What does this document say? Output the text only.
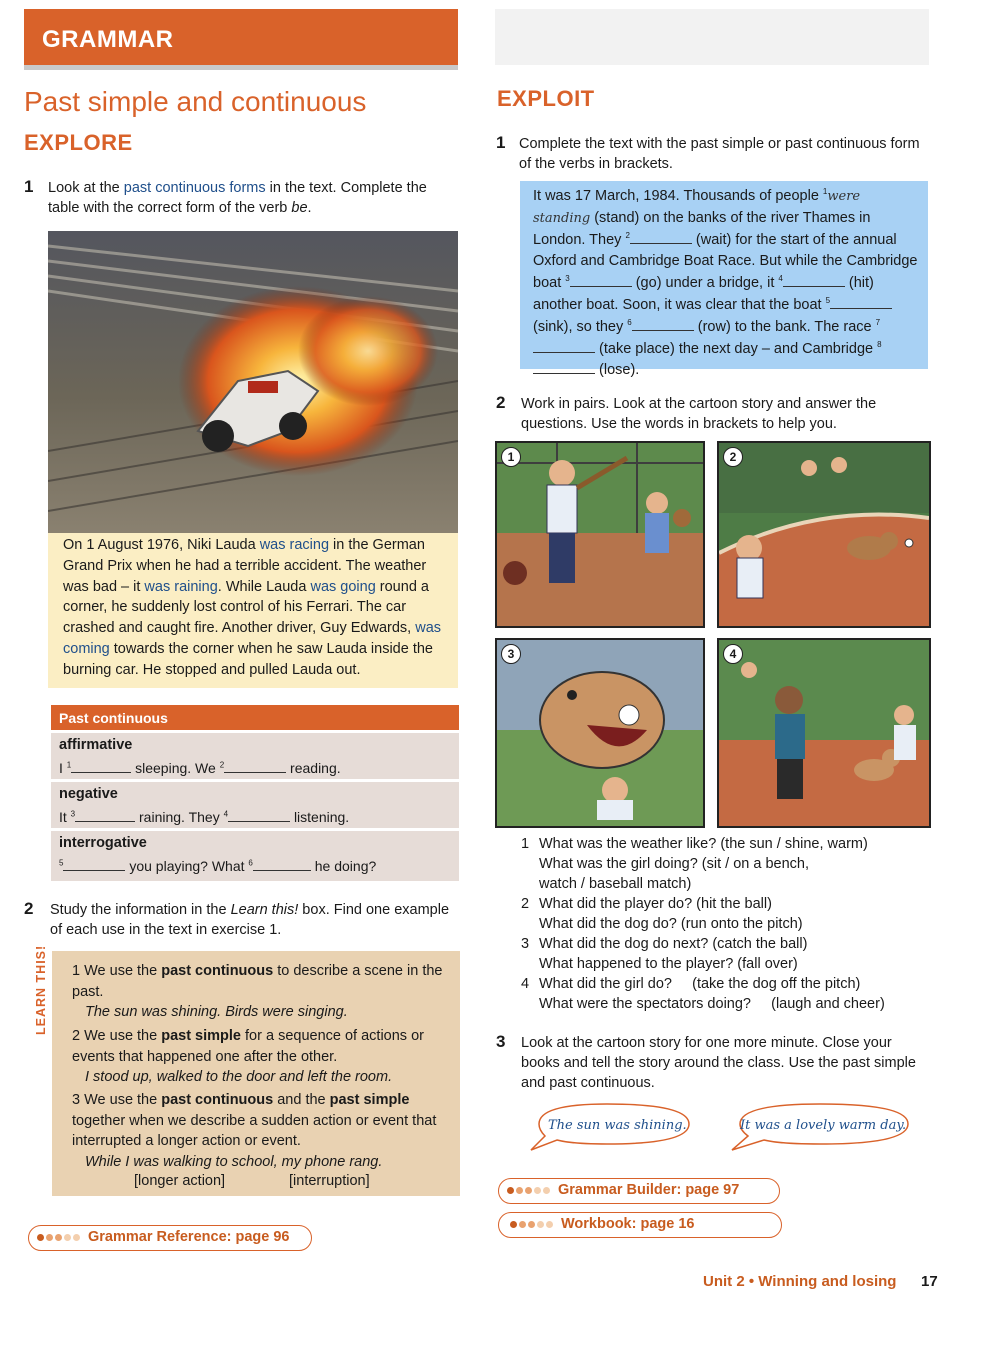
GRAMMAR
Past simple and continuous
EXPLORE
1 Look at the past continuous forms in the text. Complete the table with the correct form of the verb be.
On 1 August 1976, Niki Lauda was racing in the German Grand Prix when he had a terrible accident. The weather was bad – it was raining. While Lauda was going round a corner, he suddenly lost control of his Ferrari. The car crashed and caught fire. Another driver, Guy Edwards, was coming towards the corner when he saw Lauda inside the burning car. He stopped and pulled Lauda out.
Past continuous
affirmative
I $^1$	sleeping. We $^2$	reading.
negative
It $^3$	raining. They $^4$	listening.
interrogative
$^5$	you playing? What $^6$	he doing?
2 Study the information in the Learn this! box. Find one example of each use in the text in exercise 1.
LEARN THIS! 1 We use the past continuous to describe a scene in the past.
The sun was shining. Birds were singing.
2 We use the past simple for a sequence of actions or events that happened one after the other.
I stood up, walked to the door and left the room.
3 We use the past continuous and the past simple together when we describe a sudden action or event that interrupted a longer action or event.
While I was walking to school, my phone rang.
[longer action]	[interruption]
Grammar Reference: page 96
EXPLOIT
1 Complete the text with the past simple or past continuous form of the verbs in brackets.
It was 17 March, 1984. Thousands of people $^1$were standing (stand) on the banks of the river Thames in London. They $^2$	(wait) for the start of the annual Oxford and Cambridge Boat Race. But while the Cambridge boat $^3$	(go) under a bridge, it $^4$	(hit) another boat. Soon, it was clear that the boat $^5$ (sink), so they $^6$	(row) to the bank. The race $^7$ (take place) the next day – and Cambridge $^8$ (lose).
2 Work in pairs. Look at the cartoon story and answer the questions. Use the words in brackets to help you.
1	2
3	4
1 What was the weather like? (the sun / shine, warm)
What was the girl doing? (sit / on a bench,
watch / baseball match)
2 What did the player do? (hit the ball)
What did the dog do? (run onto the pitch)
3 What did the dog do next? (catch the ball)
What happened to the player? (fall over)
4 What did the girl do?     (take the dog off the pitch)
What were the spectators doing?     (laugh and cheer)
3 Look at the cartoon story for one more minute. Close your books and tell the story around the class. Use the past simple and past continuous.
The sun was shining.	It was a lovely warm day.
Grammar Builder: page 97
Workbook: page 16
Unit 2 • Winning and losing 17
